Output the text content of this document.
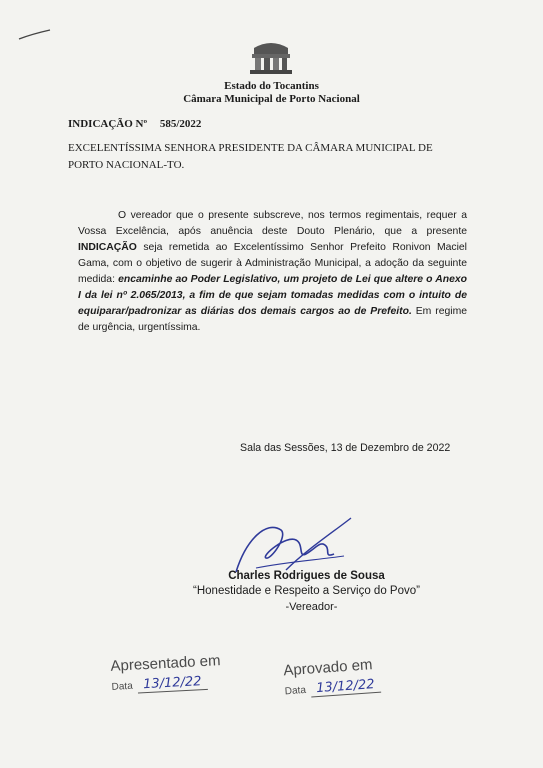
Estado do Tocantins
Câmara Municipal de Porto Nacional
INDICAÇÃO Nº 585/2022
EXCELENTÍSSIMA SENHORA PRESIDENTE DA CÂMARA MUNICIPAL DE PORTO NACIONAL-TO.
O vereador que o presente subscreve, nos termos regimentais, requer a Vossa Excelência, após anuência deste Douto Plenário, que a presente INDICAÇÃO seja remetida ao Excelentíssimo Senhor Prefeito Ronivon Maciel Gama, com o objetivo de sugerir à Administração Municipal, a adoção da seguinte medida: encaminhe ao Poder Legislativo, um projeto de Lei que altere o Anexo I da lei nº 2.065/2013, a fim de que sejam tomadas medidas com o intuito de equiparar/padronizar as diárias dos demais cargos ao de Prefeito. Em regime de urgência, urgentíssima.
Sala das Sessões, 13 de Dezembro de 2022
Charles Rodrigues de Sousa
“Honestidade e Respeito a Serviço do Povo”
-Vereador-
Apresentado em
Data 13/12/22
Aprovado em
Data 13/12/22
